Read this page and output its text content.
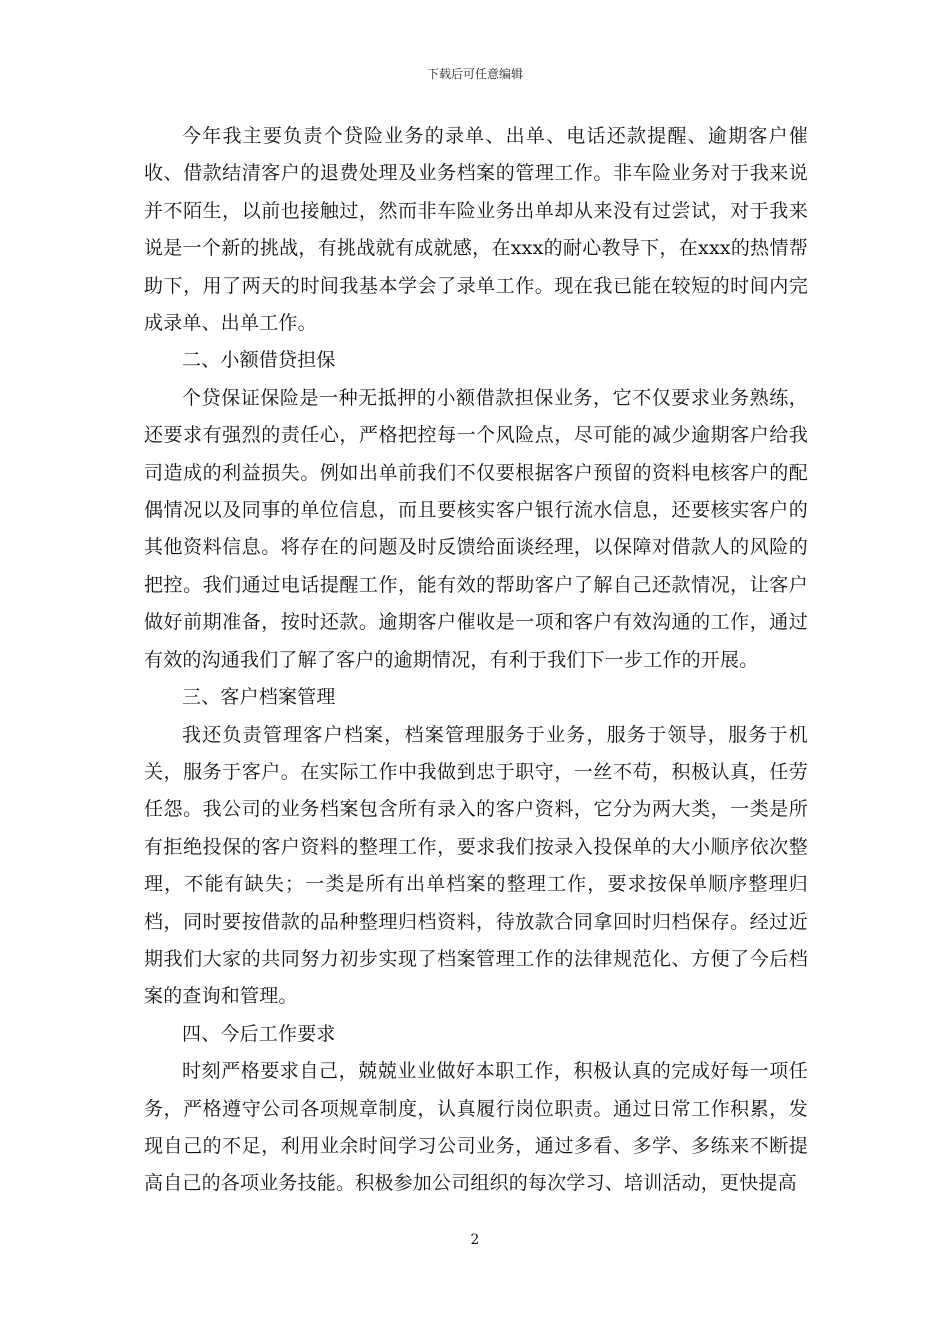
下载后可任意编辑

今年我主要负责个贷险业务的录单、出单、电话还款提醒、逾期客户催收、借款结清客户的退费处理及业务档案的管理工作。非车险业务对于我来说并不陌生，以前也接触过，然而非车险业务出单却从来没有过尝试，对于我来说是一个新的挑战，有挑战就有成就感，在xxx的耐心教导下，在xxx的热情帮助下，用了两天的时间我基本学会了录单工作。现在我已能在较短的时间内完成录单、出单工作。

二、小额借贷担保

个贷保证保险是一种无抵押的小额借款担保业务，它不仅要求业务熟练，还要求有强烈的责任心，严格把控每一个风险点，尽可能的减少逾期客户给我司造成的利益损失。例如出单前我们不仅要根据客户预留的资料电核客户的配偶情况以及同事的单位信息，而且要核实客户银行流水信息，还要核实客户的其他资料信息。将存在的问题及时反馈给面谈经理，以保障对借款人的风险的把控。我们通过电话提醒工作，能有效的帮助客户了解自己还款情况，让客户做好前期准备，按时还款。逾期客户催收是一项和客户有效沟通的工作，通过有效的沟通我们了解了客户的逾期情况，有利于我们下一步工作的开展。

三、客户档案管理

我还负责管理客户档案，档案管理服务于业务，服务于领导，服务于机关，服务于客户。在实际工作中我做到忠于职守，一丝不苟，积极认真，任劳任怨。我公司的业务档案包含所有录入的客户资料，它分为两大类，一类是所有拒绝投保的客户资料的整理工作，要求我们按录入投保单的大小顺序依次整理，不能有缺失；一类是所有出单档案的整理工作，要求按保单顺序整理归档，同时要按借款的品种整理归档资料，待放款合同拿回时归档保存。经过近期我们大家的共同努力初步实现了档案管理工作的法律规范化、方便了今后档案的查询和管理。

四、今后工作要求

时刻严格要求自己，兢兢业业做好本职工作，积极认真的完成好每一项任务，严格遵守公司各项规章制度，认真履行岗位职责。通过日常工作积累，发现自己的不足，利用业余时间学习公司业务，通过多看、多学、多练来不断提高自己的各项业务技能。积极参加公司组织的每次学习、培训活动，更快提高

2
